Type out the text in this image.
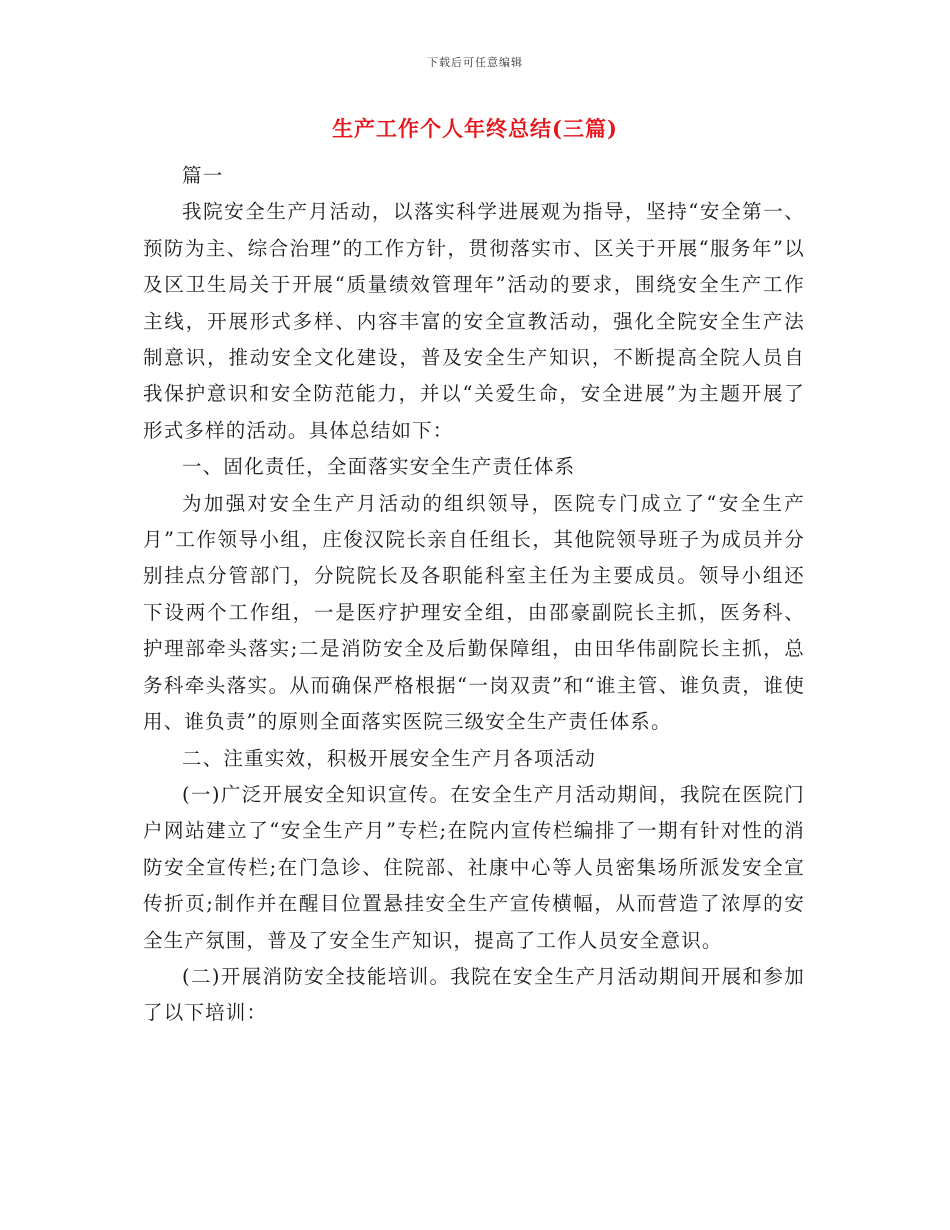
下载后可任意编辑
生产工作个人年终总结(三篇)

篇一

我院安全生产月活动，以落实科学进展观为指导，坚持“安全第一、预防为主、综合治理”的工作方针，贯彻落实市、区关于开展“服务年”以及区卫生局关于开展“质量绩效管理年”活动的要求，围绕安全生产工作主线，开展形式多样、内容丰富的安全宣教活动，强化全院安全生产法制意识，推动安全文化建设，普及安全生产知识，不断提高全院人员自我保护意识和安全防范能力，并以“关爱生命，安全进展”为主题开展了形式多样的活动。具体总结如下：

一、固化责任，全面落实安全生产责任体系

为加强对安全生产月活动的组织领导，医院专门成立了“安全生产月”工作领导小组，庄俊汉院长亲自任组长，其他院领导班子为成员并分别挂点分管部门，分院院长及各职能科室主任为主要成员。领导小组还下设两个工作组，一是医疗护理安全组，由邵豪副院长主抓，医务科、护理部牵头落实;二是消防安全及后勤保障组，由田华伟副院长主抓，总务科牵头落实。从而确保严格根据“一岗双责”和“谁主管、谁负责，谁使用、谁负责”的原则全面落实医院三级安全生产责任体系。

二、注重实效，积极开展安全生产月各项活动

(一)广泛开展安全知识宣传。在安全生产月活动期间，我院在医院门户网站建立了“安全生产月”专栏;在院内宣传栏编排了一期有针对性的消防安全宣传栏;在门急诊、住院部、社康中心等人员密集场所派发安全宣传折页;制作并在醒目位置悬挂安全生产宣传横幅，从而营造了浓厚的安全生产氛围，普及了安全生产知识，提高了工作人员安全意识。

(二)开展消防安全技能培训。我院在安全生产月活动期间开展和参加了以下培训：
